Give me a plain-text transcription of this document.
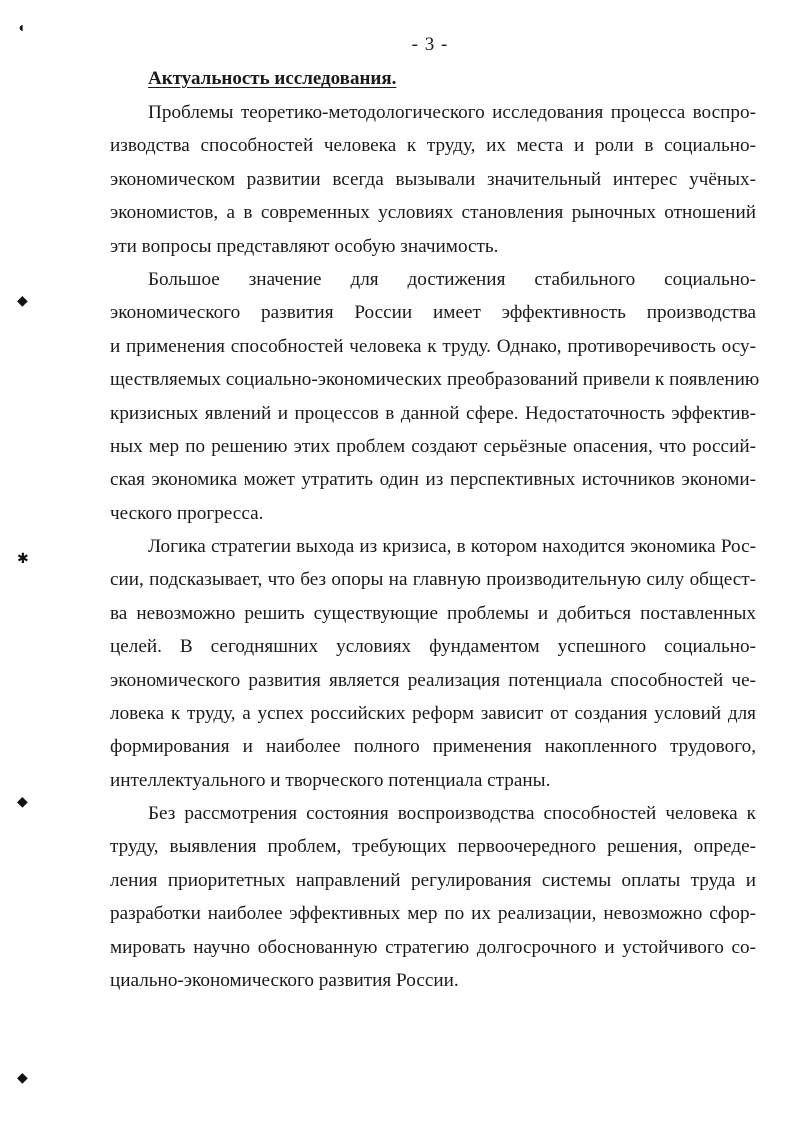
◖
◆
✱
◆
◆
- 3 -
Актуальность исследования.
Проблемы теоретико-методологического исследования процесса воспро-
изводства способностей человека к труду, их места и роли в социально-
экономическом развитии всегда вызывали значительный интерес учёных-
экономистов, а в современных условиях становления рыночных отношений
эти вопросы представляют особую значимость.
Большое значение для достижения стабильного социально-
экономического развития России имеет эффективность производства
и применения способностей человека к труду. Однако, противоречивость осу-
ществляемых социально-экономических преобразований привели к появлению
кризисных явлений и процессов в данной сфере. Недостаточность эффектив-
ных мер по решению этих проблем создают серьёзные опасения, что россий-
ская экономика может утратить один из перспективных источников экономи-
ческого прогресса.
Логика стратегии выхода из кризиса, в котором находится экономика Рос-
сии, подсказывает, что без опоры на главную производительную силу общест-
ва невозможно решить существующие проблемы и добиться поставленных
целей. В сегодняшних условиях фундаментом успешного социально-
экономического развития является реализация потенциала способностей че-
ловека к труду, а успех российских реформ зависит от создания условий для
формирования и наиболее полного применения накопленного трудового,
интеллектуального и творческого потенциала страны.
Без рассмотрения состояния воспроизводства способностей человека к
труду, выявления проблем, требующих первоочередного решения, опреде-
ления приоритетных направлений регулирования системы оплаты труда и
разработки наиболее эффективных мер по их реализации, невозможно сфор-
мировать научно обоснованную стратегию долгосрочного и устойчивого со-
циально-экономического развития России.
